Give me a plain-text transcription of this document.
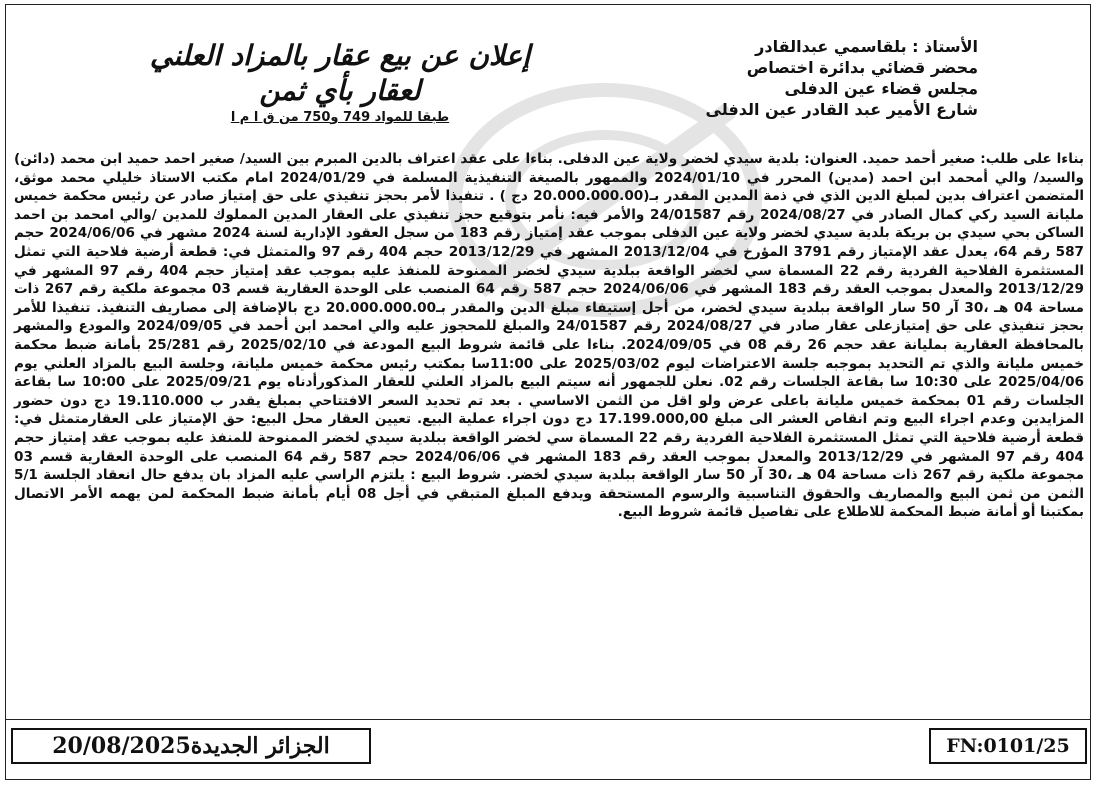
الأستاذ : بلقاسمي عبدالقادر
محضر قضائي بدائرة اختصاص
مجلس قضاء عين الدفلى
شارع الأمير عبد القادر عين الدفلى
إعلان عن بيع عقار بالمزاد العلني
لعقار بأي ثمن
طبقا للمواد 749 و750 من ق ا م ا
بناءا على طلب: صغير أحمد حميد. العنوان: بلدية سيدي لخضر ولاية عين الدفلى. بناءا على عقد اعتراف بالدين المبرم بين السيد/ صغير احمد حميد ابن محمد (دائن) والسيد/ والي أمحمد ابن احمد (مدين) المحرر في 2024/01/10 والممهور بالصيغة التنفيذية المسلمة في 2024/01/29 امام مكتب الاستاذ خليلي محمد موثق، المتضمن اعتراف بدين لمبلغ الدين الذي في ذمة المدين المقدر بـ(20.000.000.00 دج ) . تنفيذا لأمر بحجز تنفيذي على حق إمتياز صادر عن رئيس محكمة خميس مليانة السيد ركي كمال الصادر في 2024/08/27 رقم 24/01587 والأمر فيه: نأمر بتوقيع حجز تنفيذي على العقار المدين المملوك للمدين /والي امحمد بن احمد الساكن بحي سيدي بن بريكة بلدية سيدي لخضر ولاية عين الدفلى بموجب عقد إمتياز رقم 183 من سجل العقود الإدارية لسنة 2024 مشهر في 2024/06/06 حجم 587 رقم 64، يعدل عقد الإمتياز رقم 3791 المؤرخ في 2013/12/04 المشهر في 2013/12/29 حجم 404 رقم 97 والمتمثل في: قطعة أرضية فلاحية التي تمثل المستثمرة الفلاحية الفردية رقم 22 المسماة سي لخضر الواقعة ببلدية سيدي لخضر الممنوحة للمنفذ عليه بموجب عقد إمتياز حجم 404 رقم 97 المشهر في 2013/12/29 والمعدل بموجب العقد رقم 183 المشهر في 2024/06/06 حجم 587 رقم 64 المنصب على الوحدة العقارية قسم 03 مجموعة ملكية رقم 267 ذات مساحة 04 هـ ،30 آر 50 سار الواقعة ببلدية سيدي لخضر، من أجل إستيفاء مبلغ الدين والمقدر بـ20.000.000.00 دج بالإضافة إلى مصاريف التنفيذ. تنفيذا للأمر بحجز تنفيذي على حق إمتيازعلى عقار صادر في 2024/08/27 رقم 24/01587 والمبلغ للمحجوز عليه والي امحمد ابن أحمد في 2024/09/05 والمودع والمشهر بالمحافظة العقارية بمليانة عقد حجم 26 رقم 08 في 2024/09/05. بناءا على قائمة شروط البيع المودعة في 2025/02/10 رقم 25/281 بأمانة ضبط محكمة خميس مليانة والذي تم التحديد بموجبه جلسة الاعتراضات ليوم 2025/03/02 على 11:00سا بمكتب رئيس محكمة خميس مليانة، وجلسة البيع بالمزاد العلني يوم 2025/04/06 على 10:30 سا بقاعة الجلسات رقم 02. نعلن للجمهور أنه سيتم البيع بالمزاد العلني للعقار المذكورأدناه يوم 2025/09/21 على 10:00 سا بقاعة الجلسات رقم 01 بمحكمة خميس مليانة باعلى عرض ولو اقل من الثمن الاساسي . بعد تم تحديد السعر الافتتاحي بمبلغ يقدر ب 19.110.000 دج دون حضور المزايدين وعدم اجراء البيع وتم انقاص العشر الى مبلغ 17.199.000,00 دج دون اجراء عملية البيع. تعيين العقار محل البيع: حق الإمتياز على العقارمتمثل في: قطعة أرضية فلاحية التي تمثل المستثمرة الفلاحية الفردية رقم 22 المسماة سي لخضر الواقعة ببلدية سيدي لخضر الممنوحة للمنفذ عليه بموجب عقد إمتياز حجم 404 رقم 97 المشهر في 2013/12/29 والمعدل بموجب العقد رقم 183 المشهر في 2024/06/06 حجم 587 رقم 64 المنصب على الوحدة العقارية قسم 03 مجموعة ملكية رقم 267 ذات مساحة 04 هـ ،30 آر 50 سار الواقعة ببلدية سيدي لخضر. شروط البيع : يلتزم الراسي عليه المزاد بان يدفع حال انعقاد الجلسة 5/1 الثمن من ثمن البيع والمصاريف والحقوق التناسبية والرسوم المستحقة ويدفع المبلغ المتبقي في أجل 08 أيام بأمانة ضبط المحكمة لمن يهمه الأمر الاتصال بمكتبنا أو أمانة ضبط المحكمة للاطلاع على تفاصيل قائمة شروط البيع.
الجزائر الجديدة20/08/2025	FN:0101/25
